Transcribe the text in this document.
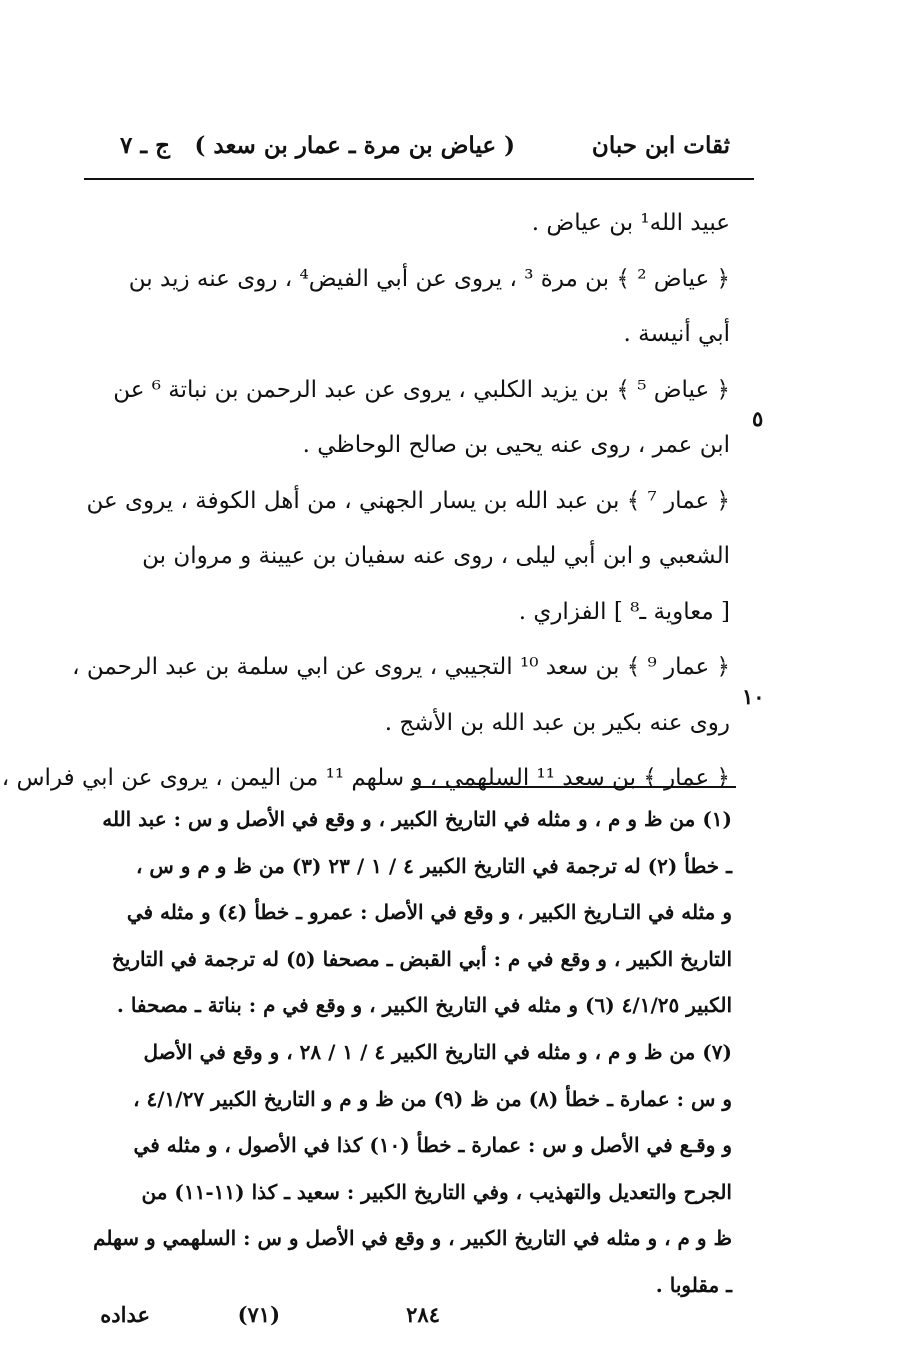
ثقات ابن حبان
( عياض بن مرة ـ عمار بن سعد )
ج ـ ٧
٥
١٠
عبيد الله¹ بن عياض .
﴿ عياض ² ﴾ بن مرة ³ ، يروى عن أبي الفيض⁴ ، روى عنه زيد بن
أبي أنيسة .
﴿ عياض ⁵ ﴾ بن يزيد الكلبي ، يروى عن عبد الرحمن بن نباتة ⁶ عن
ابن عمر ، روى عنه يحيى بن صالح الوحاظي .
﴿ عمار ⁷ ﴾ بن عبد الله بن يسار الجهني ، من أهل الكوفة ، يروى عن
الشعبي و ابن أبي ليلى ، روى عنه سفيان بن عيينة و مروان بن
[ معاوية ـ⁸ ] الفزاري .
﴿ عمار ⁹ ﴾ بن سعد ¹⁰ التجيبي ، يروى عن ابي سلمة بن عبد الرحمن ،
روى عنه بكير بن عبد الله بن الأشج .
﴿ عمار ﴾ بن سعد ¹¹ السلهمي ، و سلهم ¹¹ من اليمن ، يروى عن ابي فراس ،
(١) من ظ و م ، و مثله في التاريخ الكبير ، و وقع في الأصل و س : عبد الله
ـ خطأ (٢) له ترجمة في التاريخ الكبير ٤ / ١ / ٢٣ (٣) من ظ و م و س ،
و مثله في التـاريخ الكبير ، و وقع في الأصل : عمرو ـ خطأ (٤) و مثله في
التاريخ الكبير ، و وقع في م : أبي القبض ـ مصحفا (٥) له ترجمة في التاريخ
الكبير ٤/١/٢٥ (٦) و مثله في التاريخ الكبير ، و وقع في م : بناتة ـ مصحفا .
(٧) من ظ و م ، و مثله في التاريخ الكبير ٤ / ١ / ٢٨ ، و وقع في الأصل
و س : عمارة ـ خطأ (٨) من ظ (٩) من ظ و م و التاريخ الكبير ٤/١/٢٧ ،
و وقـع في الأصل و س : عمارة ـ خطأ (١٠) كذا في الأصول ، و مثله في
الجرح والتعديل والتهذيب ، وفي التاريخ الكبير : سعيد ـ كذا (١١-١١) من
ظ و م ، و مثله في التاريخ الكبير ، و وقع في الأصل و س : السلهمي و سهلم
ـ مقلوبا .
٢٨٤
(٧١)
عداده
